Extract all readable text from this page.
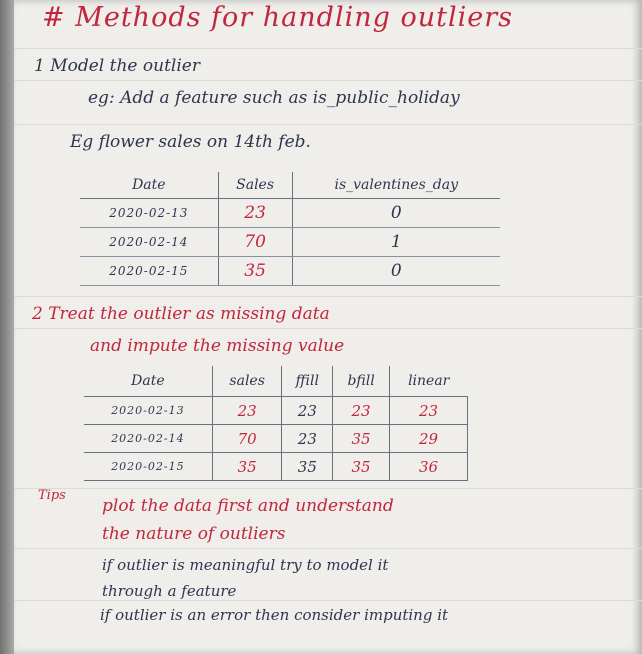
# Methods for handling outliers
1 Model the outlier
eg: Add a feature such as is_public_holiday
Eg flower sales on 14th feb.
Date	Sales	is_valentines_day
2020-02-13	23	0
2020-02-14	70	1
2020-02-15	35	0
2 Treat the outlier as missing data
and impute the missing value
Date	sales	ffill	bfill	linear
2020-02-13	23	23	23	23
2020-02-14	70	23	35	29
2020-02-15	35	35	35	36
Tips
plot the data first and understand
the nature of outliers
if outlier is meaningful try to model it
through a feature
if outlier is an error then consider imputing it
